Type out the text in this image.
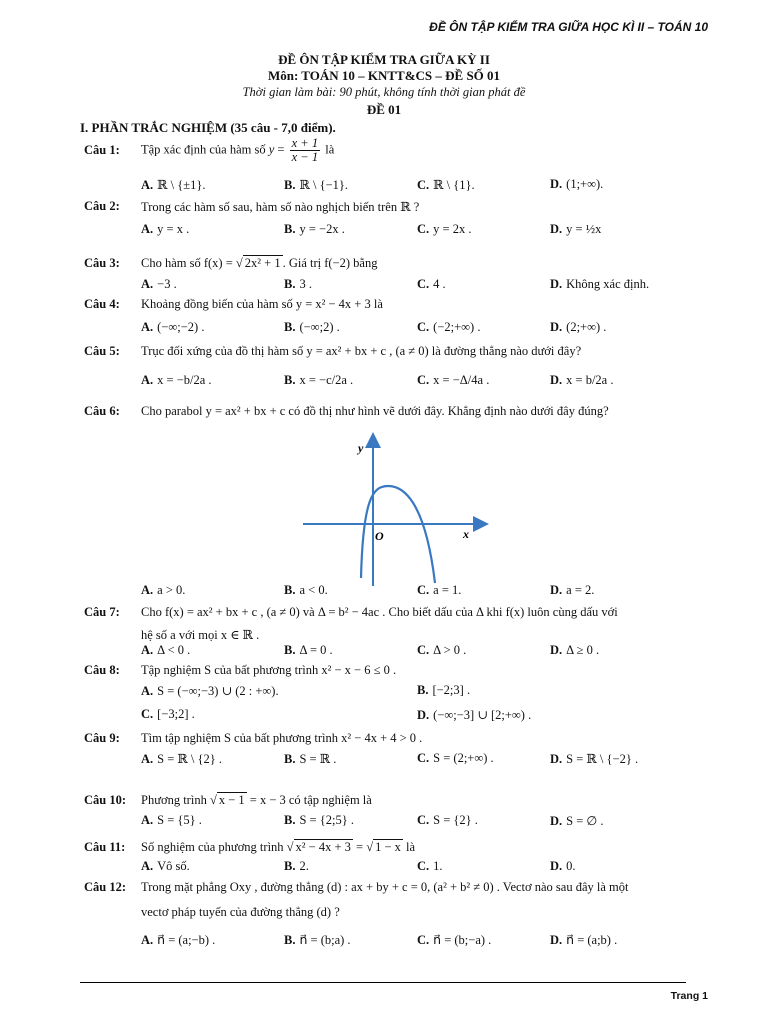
ĐỀ ÔN TẬP KIỂM TRA GIỮA HỌC KÌ II – TOÁN 10
ĐỀ ÔN TẬP KIỂM TRA GIỮA KỲ II
Môn: TOÁN 10 – KNTT&CS – ĐỀ SỐ 01
Thời gian làm bài: 90 phút, không tính thời gian phát đề
ĐỀ 01
I. PHẦN TRẮC NGHIỆM (35 câu - 7,0 điểm).
Câu 1: Tập xác định của hàm số $y = \frac{x + 1}{x - 1}$ là
A. ℝ \ {±1}.	B. ℝ \ {−1}.	C. ℝ \ {1}.	D. (1;+∞).
Câu 2: Trong các hàm số sau, hàm số nào nghịch biến trên ℝ ?
A. y = x .	B. y = −2x .	C. y = 2x .	D. y = ½x
Câu 3: Cho hàm số f(x) = √ 2x² + 1 . Giá trị f(−2) bằng
A. −3 .	B. 3 .	C. 4 .	D. Không xác định.
Câu 4: Khoảng đồng biến của hàm số y = x² − 4x + 3 là
A. (−∞;−2) .	B. (−∞;2) .	C. (−2;+∞) .	D. (2;+∞) .
Câu 5: Trục đối xứng của đồ thị hàm số y = ax² + bx + c , (a ≠ 0) là đường thẳng nào dưới đây?
A. x = −b/2a .	B. x = −c/2a .	C. x = −Δ/4a .	D. x = b/2a .
Câu 6: Cho parabol y = ax² + bx + c có đồ thị như hình vẽ dưới đây. Khẳng định nào dưới đây đúng?
y
x
O
A. a > 0.	B. a < 0.	C. a = 1.	D. a = 2.
Câu 7: Cho f(x) = ax² + bx + c , (a ≠ 0) và Δ = b² − 4ac . Cho biết dấu của Δ khi f(x) luôn cùng dấu với
hệ số a với mọi x ∈ ℝ .
A. Δ < 0 .	B. Δ = 0 .	C. Δ > 0 .	D. Δ ≥ 0 .
Câu 8: Tập nghiệm S của bất phương trình x² − x − 6 ≤ 0 .
A. S = (−∞;−3) ∪ (2 : +∞).	B. [−2;3] .
C. [−3;2] .	D. (−∞;−3] ∪ [2;+∞) .
Câu 9: Tìm tập nghiệm S của bất phương trình x² − 4x + 4 > 0 .
A. S = ℝ \ {2} .	B. S = ℝ .	C. S = (2;+∞) .	D. S = ℝ \ {−2} .
Câu 10: Phương trình √ x − 1 = x − 3 có tập nghiệm là
A. S = {5} .	B. S = {2;5} .	C. S = {2} .	D. S = ∅ .
Câu 11: Số nghiệm của phương trình √ x² − 4x + 3 = √ 1 − x là
A. Vô số.	B. 2.	C. 1.	D. 0.
Câu 12: Trong mặt phẳng Oxy , đường thẳng (d) : ax + by + c = 0, (a² + b² ≠ 0) . Vectơ nào sau đây là một
vectơ pháp tuyến của đường thẳng (d) ?
A. n⃗ = (a;−b) .	B. n⃗ = (b;a) .	C. n⃗ = (b;−a) .	D. n⃗ = (a;b) .
Trang 1
